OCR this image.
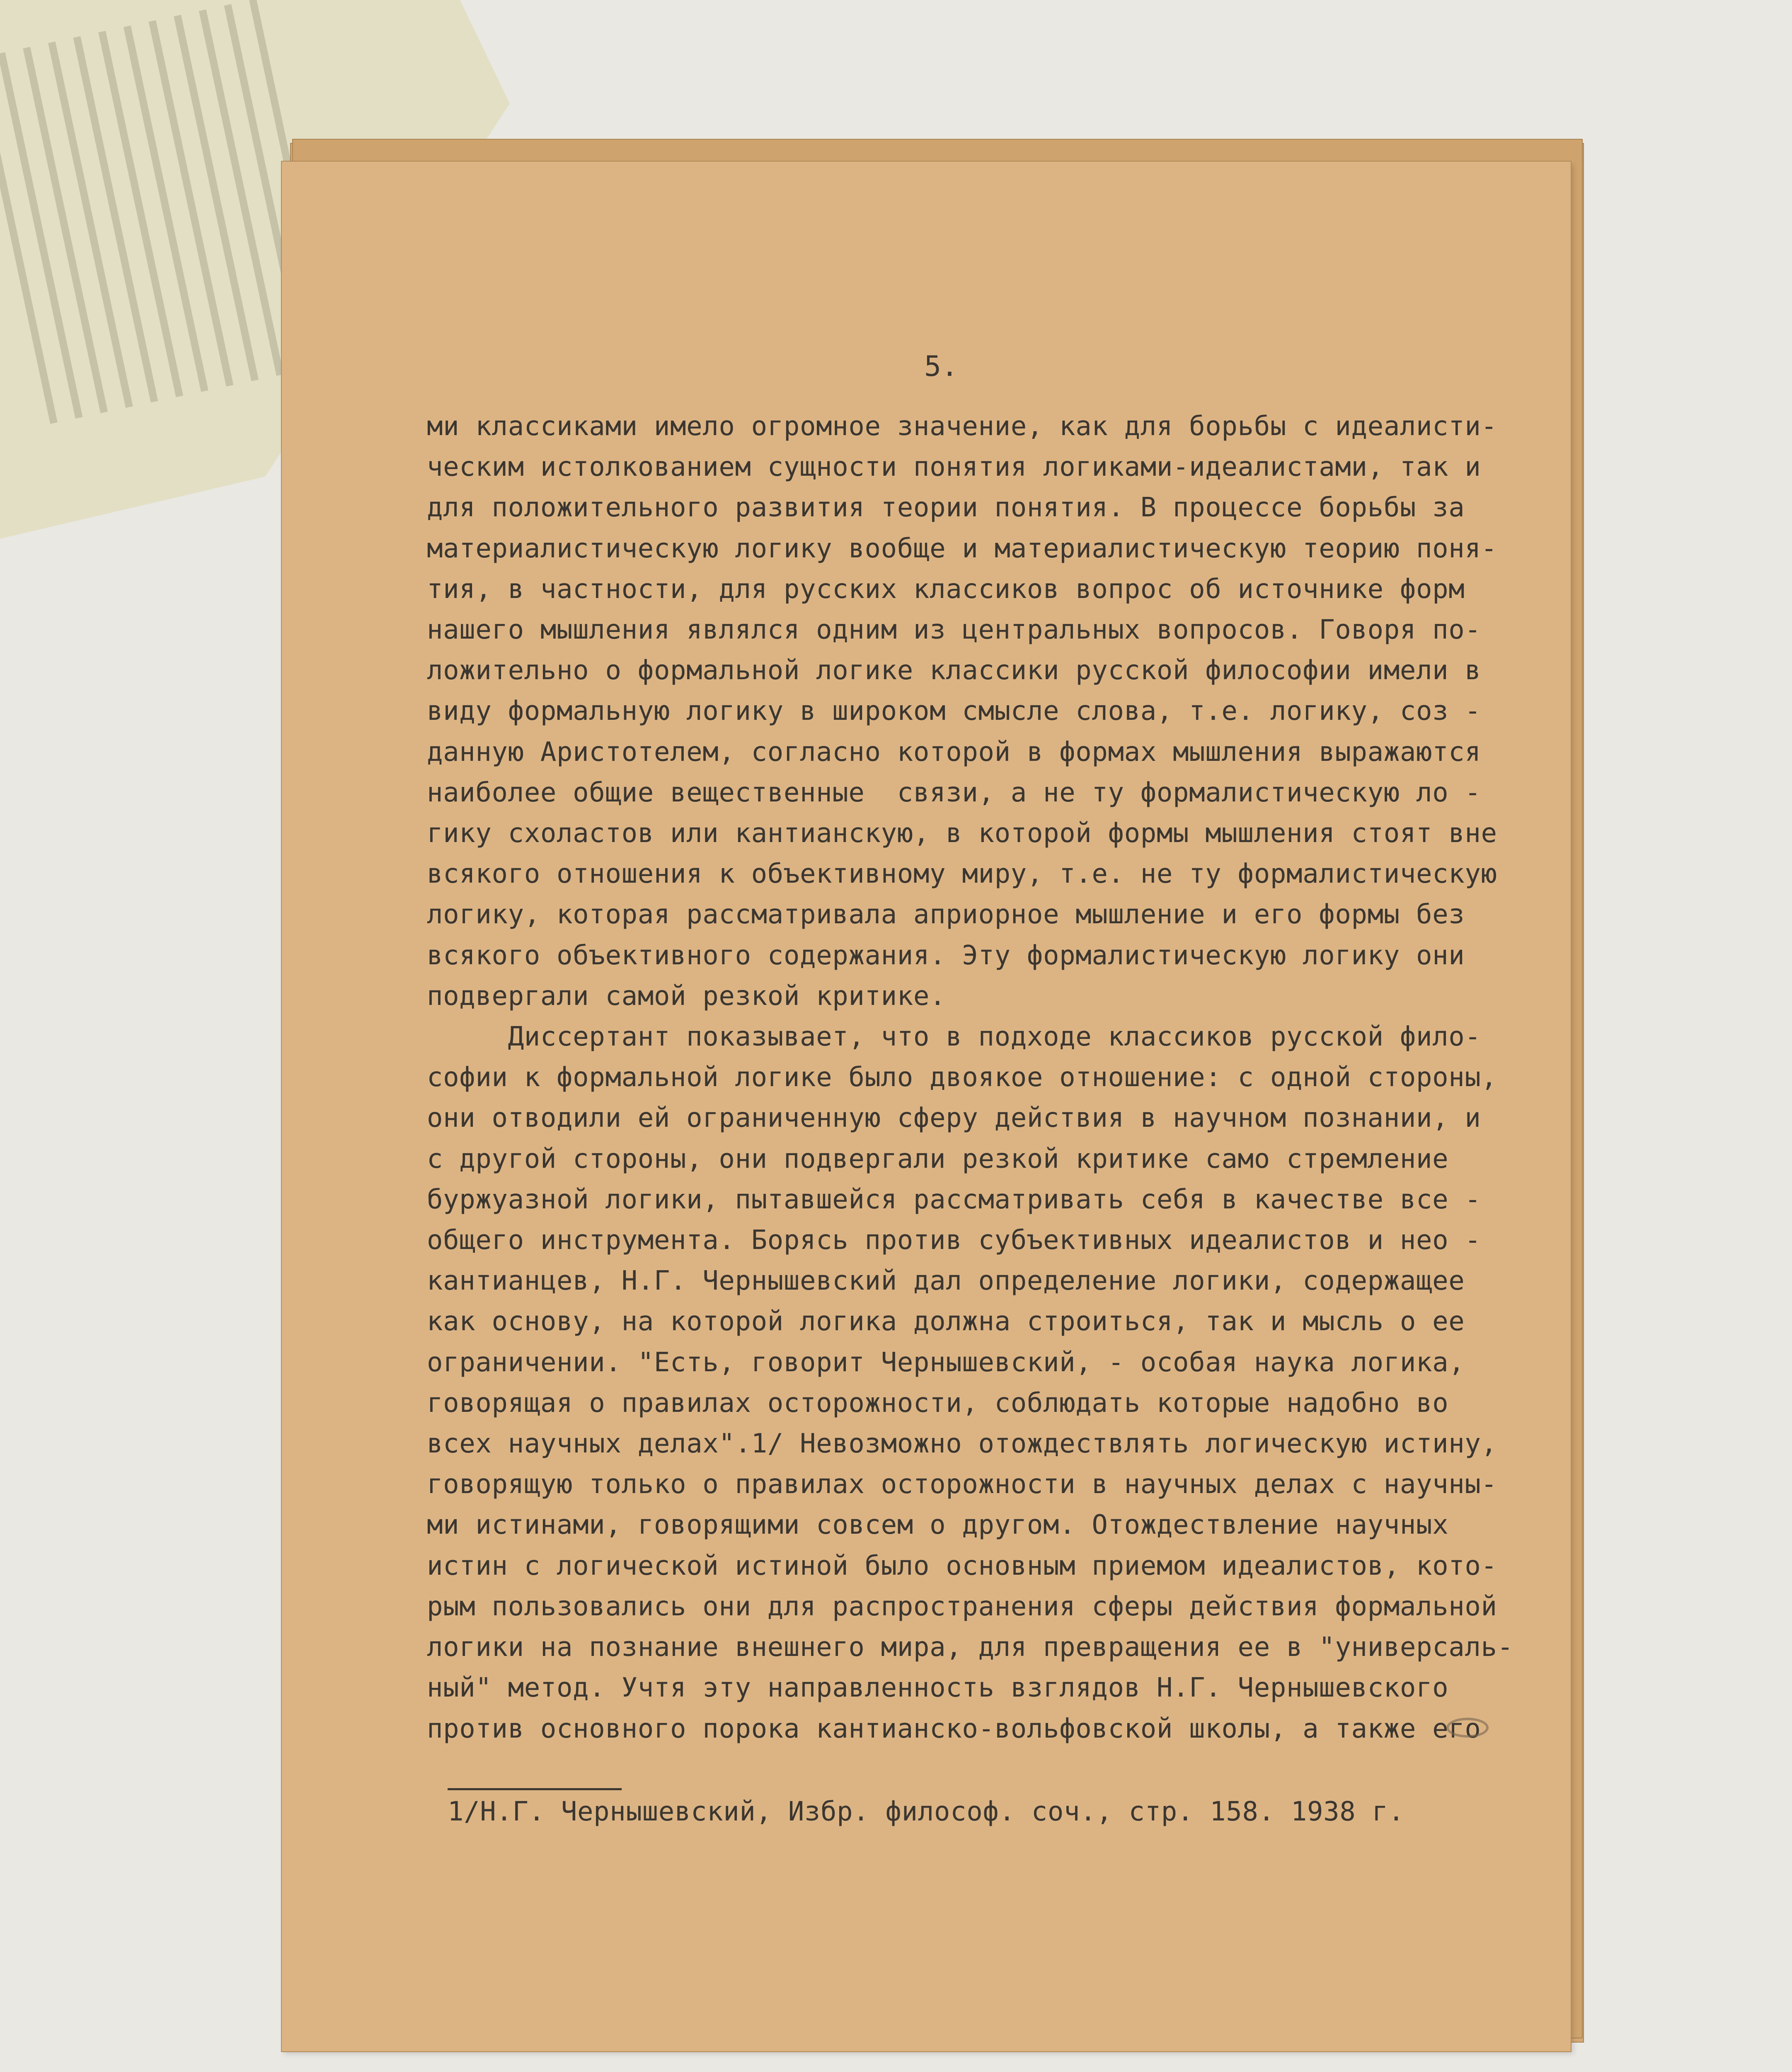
5.
ми классиками имело огромное значение, как для борьбы с идеалисти-
ческим истолкованием сущности понятия логиками-идеалистами, так и
для положительного развития теории понятия. В процессе борьбы за
материалистическую логику вообще и материалистическую теорию поня-
тия, в частности, для русских классиков вопрос об источнике форм
нашего мышления являлся одним из центральных вопросов. Говоря по-
ложительно о формальной логике классики русской философии имели в
виду формальную логику в широком смысле слова, т.е. логику, соз -
данную Аристотелем, согласно которой в формах мышления выражаются
наиболее общие вещественные  связи, а не ту формалистическую ло -
гику схоластов или кантианскую, в которой формы мышления стоят вне
всякого отношения к объективному миру, т.е. не ту формалистическую
логику, которая рассматривала априорное мышление и его формы без
всякого объективного содержания. Эту формалистическую логику они
подвергали самой резкой критике.
Диссертант показывает, что в подходе классиков русской фило-
софии к формальной логике было двоякое отношение: с одной стороны,
они отводили ей ограниченную сферу действия в научном познании, и
с другой стороны, они подвергали резкой критике само стремление
буржуазной логики, пытавшейся рассматривать себя в качестве все -
общего инструмента. Борясь против субъективных идеалистов и нео -
кантианцев, Н.Г. Чернышевский дал определение логики, содержащее
как основу, на которой логика должна строиться, так и мысль о ее
ограничении. "Есть, говорит Чернышевский, - особая наука логика,
говорящая о правилах осторожности, соблюдать которые надобно во
всех научных делах".1/ Невозможно отождествлять логическую истину,
говорящую только о правилах осторожности в научных делах с научны-
ми истинами, говорящими совсем о другом. Отождествление научных
истин с логической истиной было основным приемом идеалистов, кото-
рым пользовались они для распространения сферы действия формальной
логики на познание внешнего мира, для превращения ее в "универсаль-
ный" метод. Учтя эту направленность взглядов Н.Г. Чернышевского
против основного порока кантианско-вольфовской школы, а также его
1/Н.Г. Чернышевский, Избр. философ. соч., стр. 158. 1938 г.
